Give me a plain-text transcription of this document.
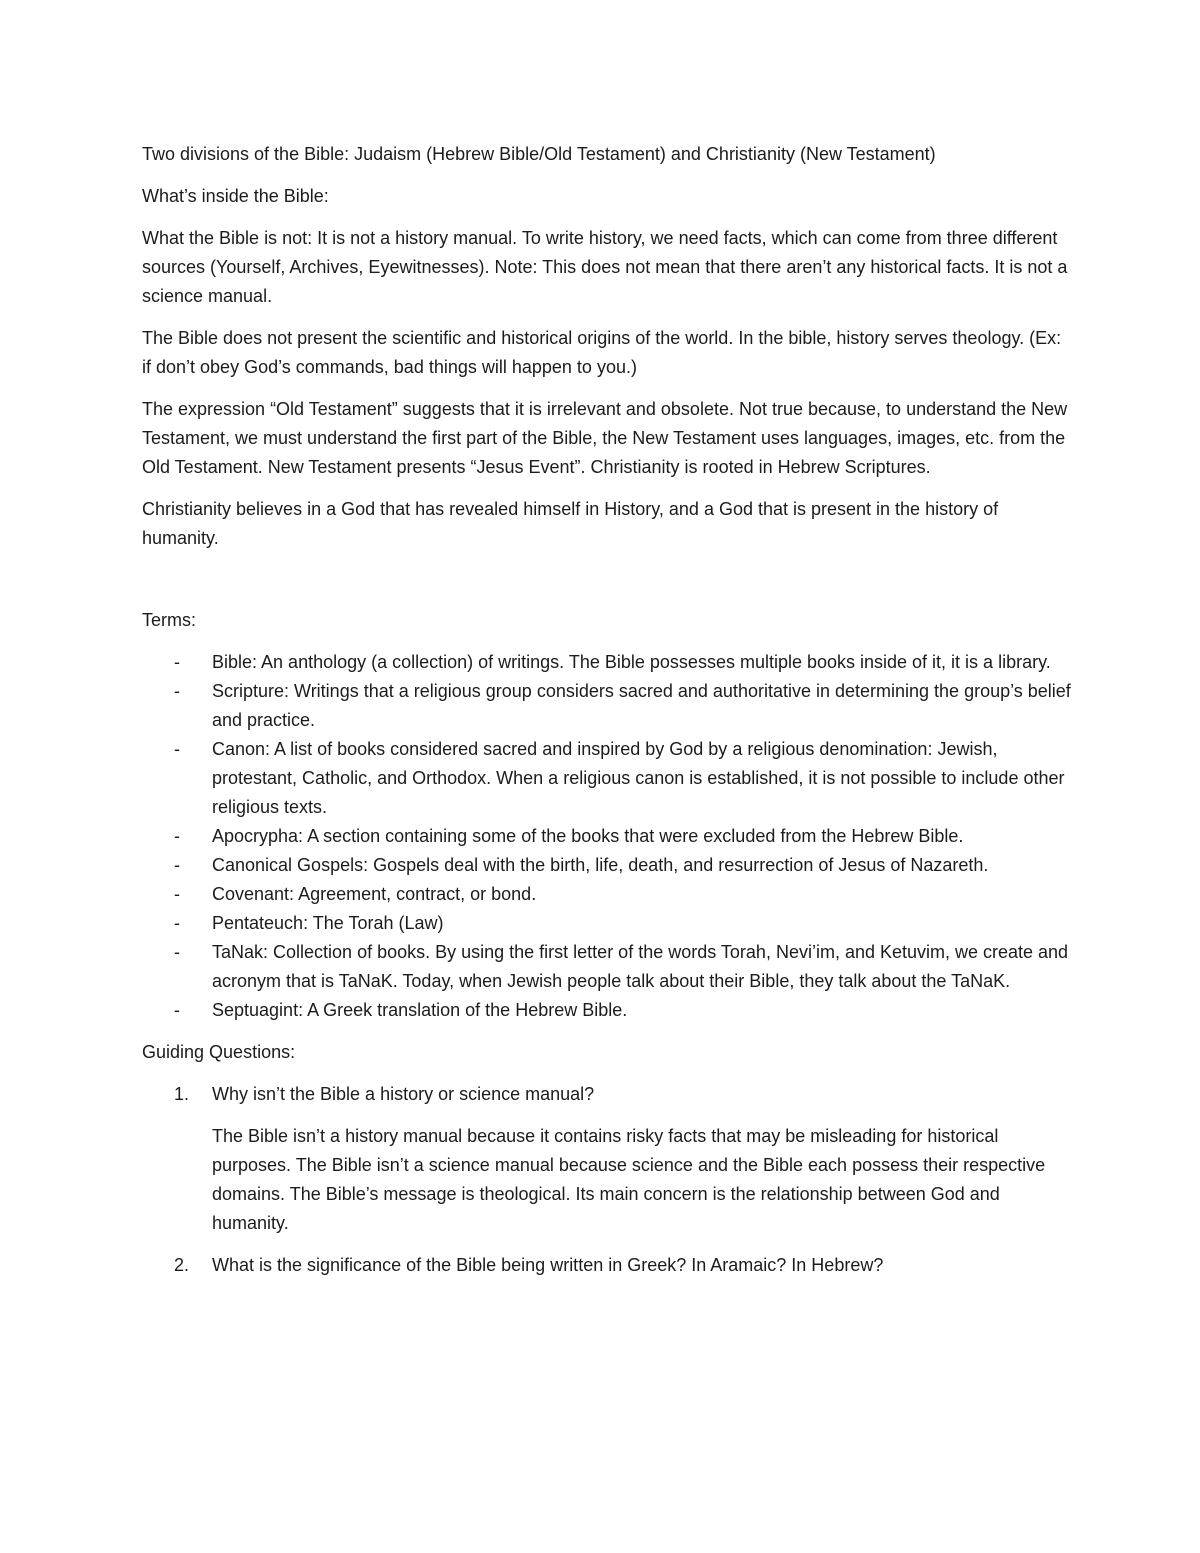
Two divisions of the Bible: Judaism (Hebrew Bible/Old Testament) and Christianity (New Testament)

What’s inside the Bible:

What the Bible is not: It is not a history manual. To write history, we need facts, which can come from three different sources (Yourself, Archives, Eyewitnesses). Note: This does not mean that there aren’t any historical facts. It is not a science manual.

The Bible does not present the scientific and historical origins of the world. In the bible, history serves theology. (Ex: if don’t obey God’s commands, bad things will happen to you.)

The expression “Old Testament” suggests that it is irrelevant and obsolete. Not true because, to understand the New Testament, we must understand the first part of the Bible, the New Testament uses languages, images, etc. from the Old Testament. New Testament presents “Jesus Event”. Christianity is rooted in Hebrew Scriptures.

Christianity believes in a God that has revealed himself in History, and a God that is present in the history of humanity.

Terms:

- Bible: An anthology (a collection) of writings. The Bible possesses multiple books inside of it, it is a library.
- Scripture: Writings that a religious group considers sacred and authoritative in determining the group’s belief and practice.
- Canon: A list of books considered sacred and inspired by God by a religious denomination: Jewish, protestant, Catholic, and Orthodox. When a religious canon is established, it is not possible to include other religious texts.
- Apocrypha: A section containing some of the books that were excluded from the Hebrew Bible.
- Canonical Gospels: Gospels deal with the birth, life, death, and resurrection of Jesus of Nazareth.
- Covenant: Agreement, contract, or bond.
- Pentateuch: The Torah (Law)
- TaNak: Collection of books. By using the first letter of the words Torah, Nevi’im, and Ketuvim, we create and acronym that is TaNaK. Today, when Jewish people talk about their Bible, they talk about the TaNaK.
- Septuagint: A Greek translation of the Hebrew Bible.

Guiding Questions:

1. Why isn’t the Bible a history or science manual?
The Bible isn’t a history manual because it contains risky facts that may be misleading for historical purposes. The Bible isn’t a science manual because science and the Bible each possess their respective domains. The Bible’s message is theological. Its main concern is the relationship between God and humanity.
2. What is the significance of the Bible being written in Greek? In Aramaic? In Hebrew?
